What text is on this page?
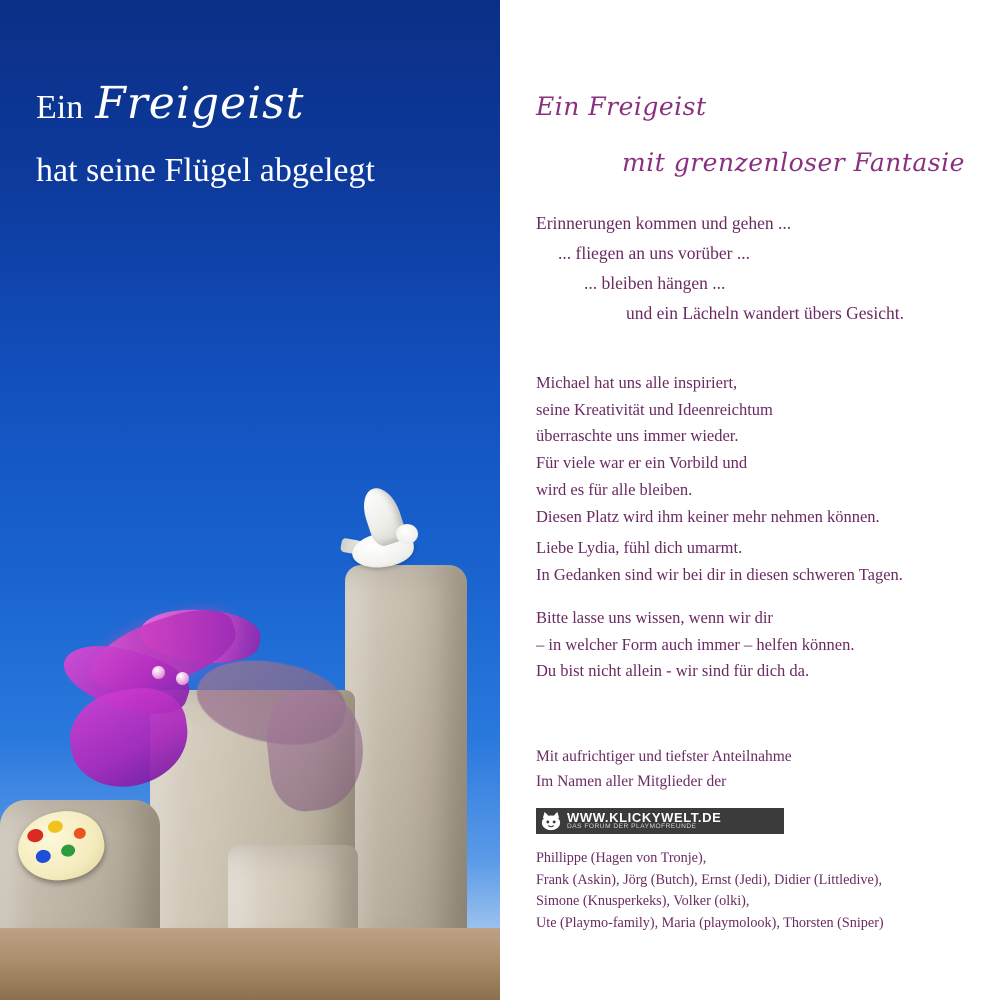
Ein Freigeist
hat seine Flügel abgelegt
Ein Freigeist
mit grenzenloser Fantasie
Erinnerungen kommen und gehen ...
... fliegen an uns vorüber ...
... bleiben hängen ...
und ein Lächeln wandert übers Gesicht.
Michael hat uns alle inspiriert,
seine Kreativität und Ideenreichtum
überraschte uns immer wieder.
Für viele war er ein Vorbild und
wird es für alle bleiben.
Diesen Platz wird ihm keiner mehr nehmen können.
Liebe Lydia, fühl dich umarmt.
In Gedanken sind wir bei dir in diesen schweren Tagen.
Bitte lasse uns wissen, wenn wir dir
– in welcher Form auch immer – helfen können.
Du bist nicht allein - wir sind für dich da.
Mit aufrichtiger und tiefster Anteilnahme
Im Namen aller Mitglieder der
WWW.KLICKYWELT.DE
DAS FORUM DER PLAYMOFREUNDE
Phillippe (Hagen von Tronje),
Frank (Askin), Jörg (Butch), Ernst (Jedi), Didier (Littledive),
Simone (Knusperkeks), Volker (olki),
Ute (Playmo-family), Maria (playmolook), Thorsten (Sniper)
